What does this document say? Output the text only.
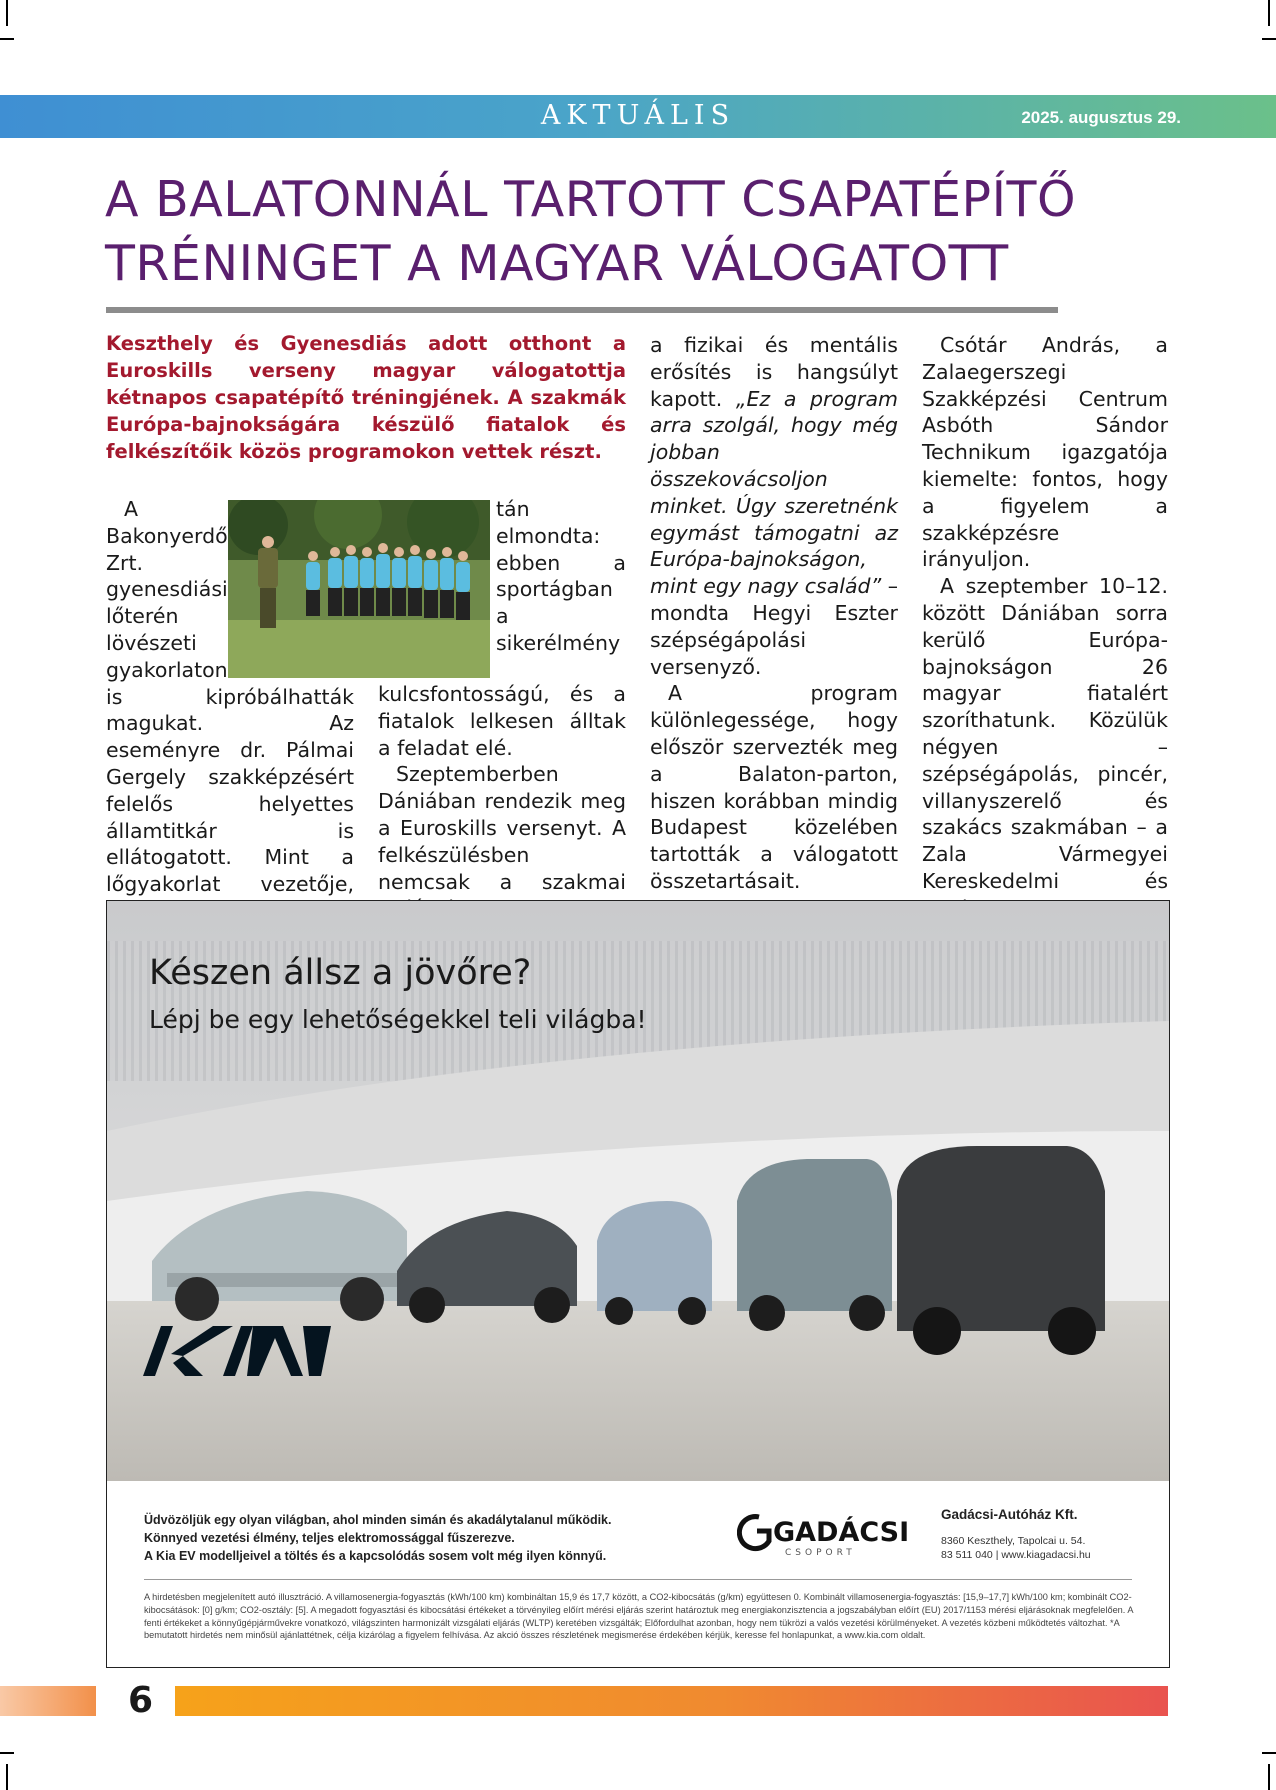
AKTUÁLIS	2025. augusztus 29.
A BALATONNÁL TARTOTT CSAPATÉPÍTŐ
TRÉNINGET A MAGYAR VÁLOGATOTT

Keszthely és Gyenesdiás adott otthont a Euroskills verseny magyar válogatottja kétnapos csapatépítő tréningjének. A szakmák Európa-bajnokságára készülő fiatalok és felkészítőik közös programokon vettek részt.

A Bakonyerdő Zrt. gyenesdiási lőterén lövészeti gyakorlaton is kipróbálhatták magukat. Az eseményre dr. Pálmai Gergely szakképzésért felelős helyettes államtitkár is ellátogatott. Mint a lőgyakorlat vezetője,

tán elmondta: ebben a sportágban a sikerélmény kulcsfontosságú, és a fiatalok lelkesen álltak a feladat elé.

Szeptemberben Dániában rendezik meg a Euroskills versenyt. A felkészülésben nemcsak a szakmai

a fizikai és mentális erősítés is hangsúlyt kapott. „Ez a program arra szolgál, hogy még jobban összekovácsoljon minket. Úgy szeretnénk egymást támogatni az Európa-bajnokságon, mint egy nagy család” – mondta Hegyi Eszter szépségápolási versenyző.

A program különlegessége, hogy először szervezték meg a Balaton-parton, hiszen korábban mindig Budapest közelében tartották a válogatott összetartásait.

Csótár András, a Zalaegerszegi Szakképzési Centrum Asbóth Sándor Technikum igazgatója kiemelte: fontos, hogy a figyelem a szakképzésre irányuljon.

A szeptember 10–12. között Dániában sorra kerülő Európa-bajnokságon 26 magyar fiatalért szoríthatunk. Közülük négyen – szépségápolás, pincér, villanyszerelő és szakács szakmában – a Zala Vármegyei Kereskedelmi és

Készen állsz a jövőre?

Lépj be egy lehetőségekkel teli világba!

Üdvözöljük egy olyan világban, ahol minden simán és akadálytalanul működik.
Könnyed vezetési élmény, teljes elektromossággal fűszerezve.
A Kia EV modelljeivel a töltés és a kapcsolódás sosem volt még ilyen könnyű.
GADÁCSI
CSOPORT
Gadácsi-Autóház Kft.
8360 Keszthely, Tapolcai u. 54.
83 511 040 | www.kiagadacsi.hu
A hirdetésben megjelenített autó illusztráció. A villamosenergia-fogyasztás (kWh/100 km) kombináltan 15,9 és 17,7 között, a CO2-kibocsátás (g/km) együttesen 0. Kombinált villamosenergia-fogyasztás: [15,9–17,7] kWh/100 km; kombinált CO2-kibocsátások: [0] g/km; CO2-osztály: [5]. A megadott fogyasztási és kibocsátási értékeket a törvényileg előírt mérési eljárás szerint határoztuk meg energiakonzisztencia a jogszabályban előírt (EU) 2017/1153 mérési eljárásoknak megfelelően. A fenti értékeket a könnyűgépjárművekre vonatkozó, világszinten harmonizált vizsgálati eljárás (WLTP) keretében vizsgálták; Előfordulhat azonban, hogy nem tükrözi a valós vezetési körülményeket. A vezetés közbeni működtetés változhat. *A bemutatott hirdetés nem minősül ajánlattétnek, célja kizárólag a figyelem felhívása. Az akció összes részletének megismerése érdekében kérjük, keresse fel honlapunkat, a www.kia.com oldalt.
6
